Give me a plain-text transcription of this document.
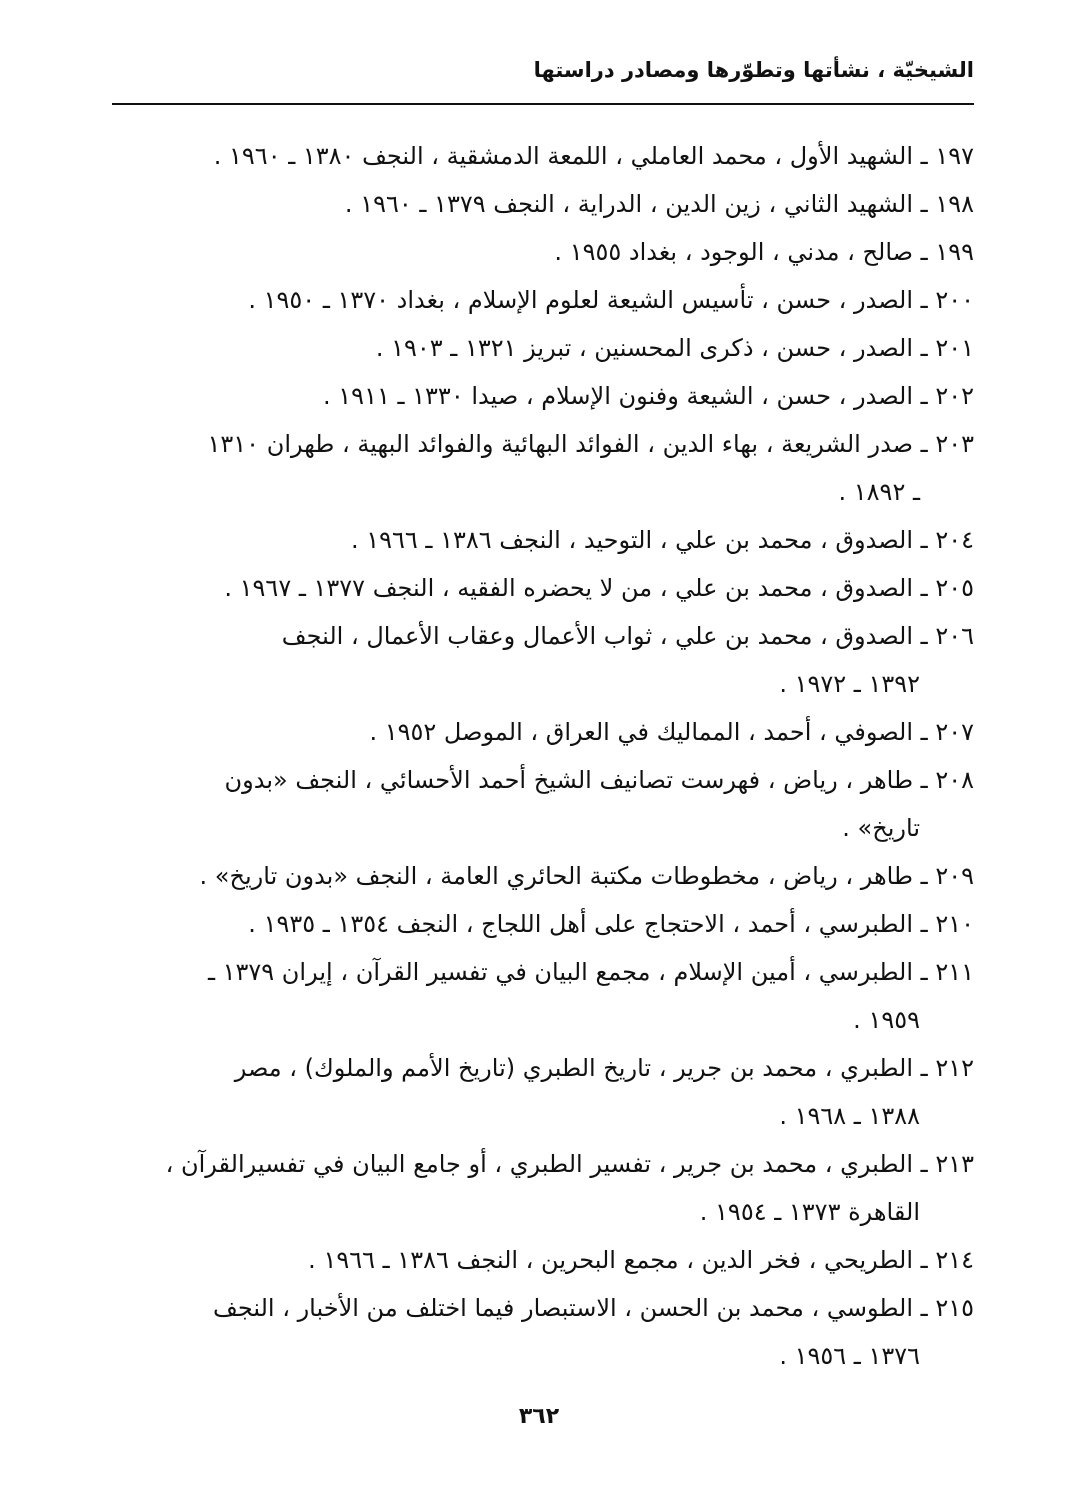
الشيخيّة ، نشأتها وتطوّرها ومصادر دراستها

١٩٧ ـ الشهيد الأول ، محمد العاملي ، اللمعة الدمشقية ، النجف ١٣٨٠ ـ ١٩٦٠ .

١٩٨ ـ الشهيد الثاني ، زين الدين ، الدراية ، النجف ١٣٧٩ ـ ١٩٦٠ .

١٩٩ ـ صالح ، مدني ، الوجود ، بغداد ١٩٥٥ .

٢٠٠ ـ الصدر ، حسن ، تأسيس الشيعة لعلوم الإسلام ، بغداد ١٣٧٠ ـ ١٩٥٠ .

٢٠١ ـ الصدر ، حسن ، ذكرى المحسنين ، تبريز ١٣٢١ ـ ١٩٠٣ .

٢٠٢ ـ الصدر ، حسن ، الشيعة وفنون الإسلام ، صيدا ١٣٣٠ ـ ١٩١١ .

٢٠٣ ـ صدر الشريعة ، بهاء الدين ، الفوائد البهائية والفوائد البهية ، طهران ١٣١٠
ـ ١٨٩٢ .

٢٠٤ ـ الصدوق ، محمد بن علي ، التوحيد ، النجف ١٣٨٦ ـ ١٩٦٦ .

٢٠٥ ـ الصدوق ، محمد بن علي ، من لا يحضره الفقيه ، النجف ١٣٧٧ ـ ١٩٦٧ .

٢٠٦ ـ الصدوق ، محمد بن علي ، ثواب الأعمال وعقاب الأعمال ، النجف
١٣٩٢ ـ ١٩٧٢ .

٢٠٧ ـ الصوفي ، أحمد ، المماليك في العراق ، الموصل ١٩٥٢ .

٢٠٨ ـ طاهر ، رياض ، فهرست تصانيف الشيخ أحمد الأحسائي ، النجف «بدون
تاريخ» .

٢٠٩ ـ طاهر ، رياض ، مخطوطات مكتبة الحائري العامة ، النجف «بدون تاريخ» .

٢١٠ ـ الطبرسي ، أحمد ، الاحتجاج على أهل اللجاج ، النجف ١٣٥٤ ـ ١٩٣٥ .

٢١١ ـ الطبرسي ، أمين الإسلام ، مجمع البيان في تفسير القرآن ، إيران ١٣٧٩ ـ
١٩٥٩ .

٢١٢ ـ الطبري ، محمد بن جرير ، تاريخ الطبري (تاريخ الأمم والملوك) ، مصر
١٣٨٨ ـ ١٩٦٨ .

٢١٣ ـ الطبري ، محمد بن جرير ، تفسير الطبري ، أو جامع البيان في تفسيرالقرآن ،
القاهرة ١٣٧٣ ـ ١٩٥٤ .

٢١٤ ـ الطريحي ، فخر الدين ، مجمع البحرين ، النجف ١٣٨٦ ـ ١٩٦٦ .

٢١٥ ـ الطوسي ، محمد بن الحسن ، الاستبصار فيما اختلف من الأخبار ، النجف
١٣٧٦ ـ ١٩٥٦ .

٣٦٢
